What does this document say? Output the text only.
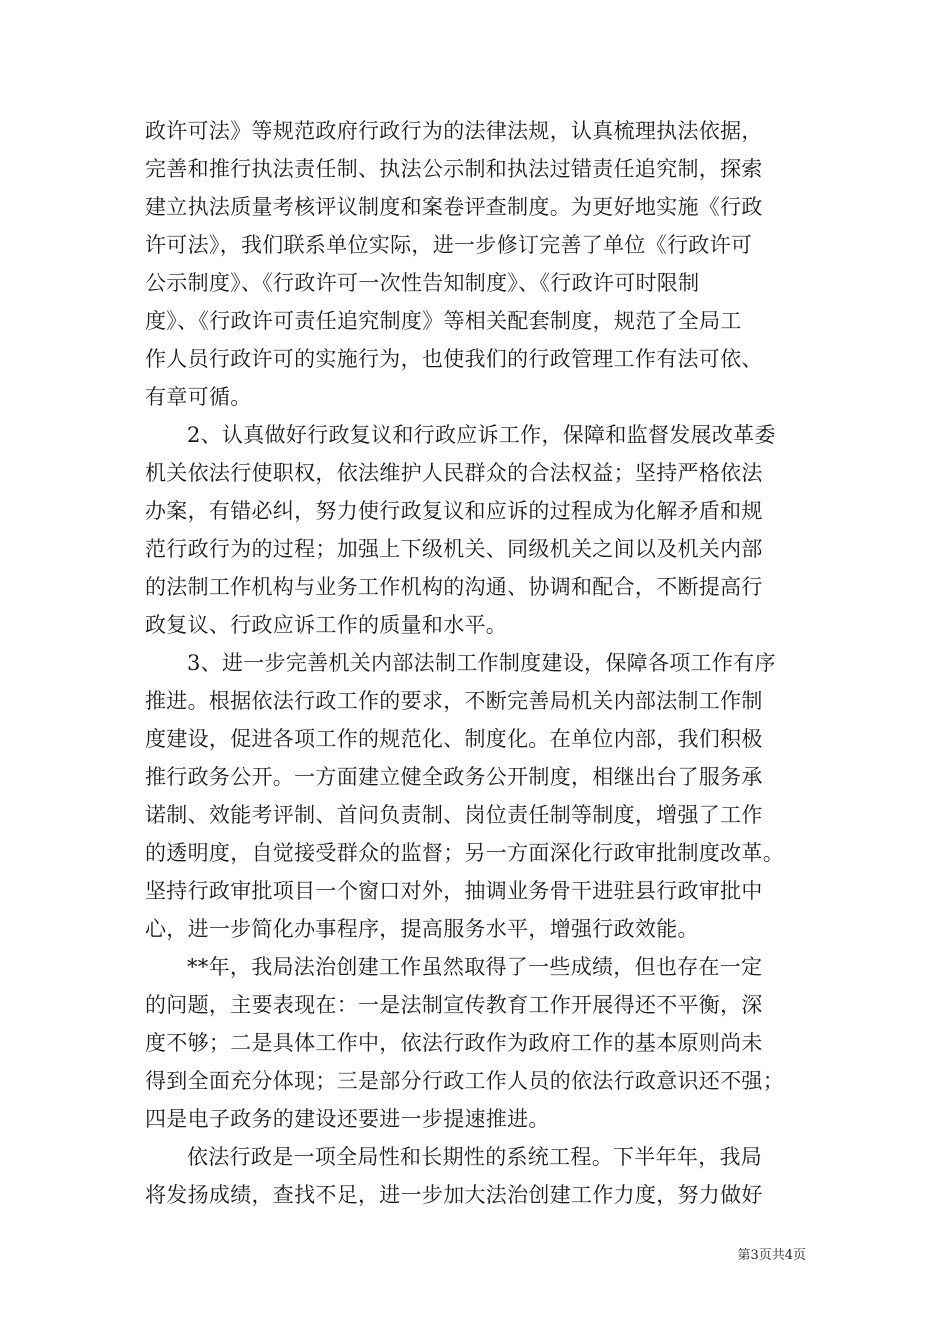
政许可法》等规范政府行政行为的法律法规，认真梳理执法依据，
完善和推行执法责任制、执法公示制和执法过错责任追究制，探索
建立执法质量考核评议制度和案卷评查制度。为更好地实施《行政
许可法》，我们联系单位实际，进一步修订完善了单位《行政许可
公示制度》、《行政许可一次性告知制度》、《行政许可时限制
度》、《行政许可责任追究制度》等相关配套制度，规范了全局工
作人员行政许可的实施行为，也使我们的行政管理工作有法可依、
有章可循。
2、认真做好行政复议和行政应诉工作，保障和监督发展改革委
机关依法行使职权，依法维护人民群众的合法权益；坚持严格依法
办案，有错必纠，努力使行政复议和应诉的过程成为化解矛盾和规
范行政行为的过程；加强上下级机关、同级机关之间以及机关内部
的法制工作机构与业务工作机构的沟通、协调和配合，不断提高行
政复议、行政应诉工作的质量和水平。
3、进一步完善机关内部法制工作制度建设，保障各项工作有序
推进。根据依法行政工作的要求，不断完善局机关内部法制工作制
度建设，促进各项工作的规范化、制度化。在单位内部，我们积极
推行政务公开。一方面建立健全政务公开制度，相继出台了服务承
诺制、效能考评制、首问负责制、岗位责任制等制度，增强了工作
的透明度，自觉接受群众的监督；另一方面深化行政审批制度改革。
坚持行政审批项目一个窗口对外，抽调业务骨干进驻县行政审批中
心，进一步简化办事程序，提高服务水平，增强行政效能。
**年，我局法治创建工作虽然取得了一些成绩，但也存在一定
的问题，主要表现在：一是法制宣传教育工作开展得还不平衡，深
度不够；二是具体工作中，依法行政作为政府工作的基本原则尚未
得到全面充分体现；三是部分行政工作人员的依法行政意识还不强；
四是电子政务的建设还要进一步提速推进。
依法行政是一项全局性和长期性的系统工程。下半年年，我局
将发扬成绩，查找不足，进一步加大法治创建工作力度，努力做好
第3页共4页
